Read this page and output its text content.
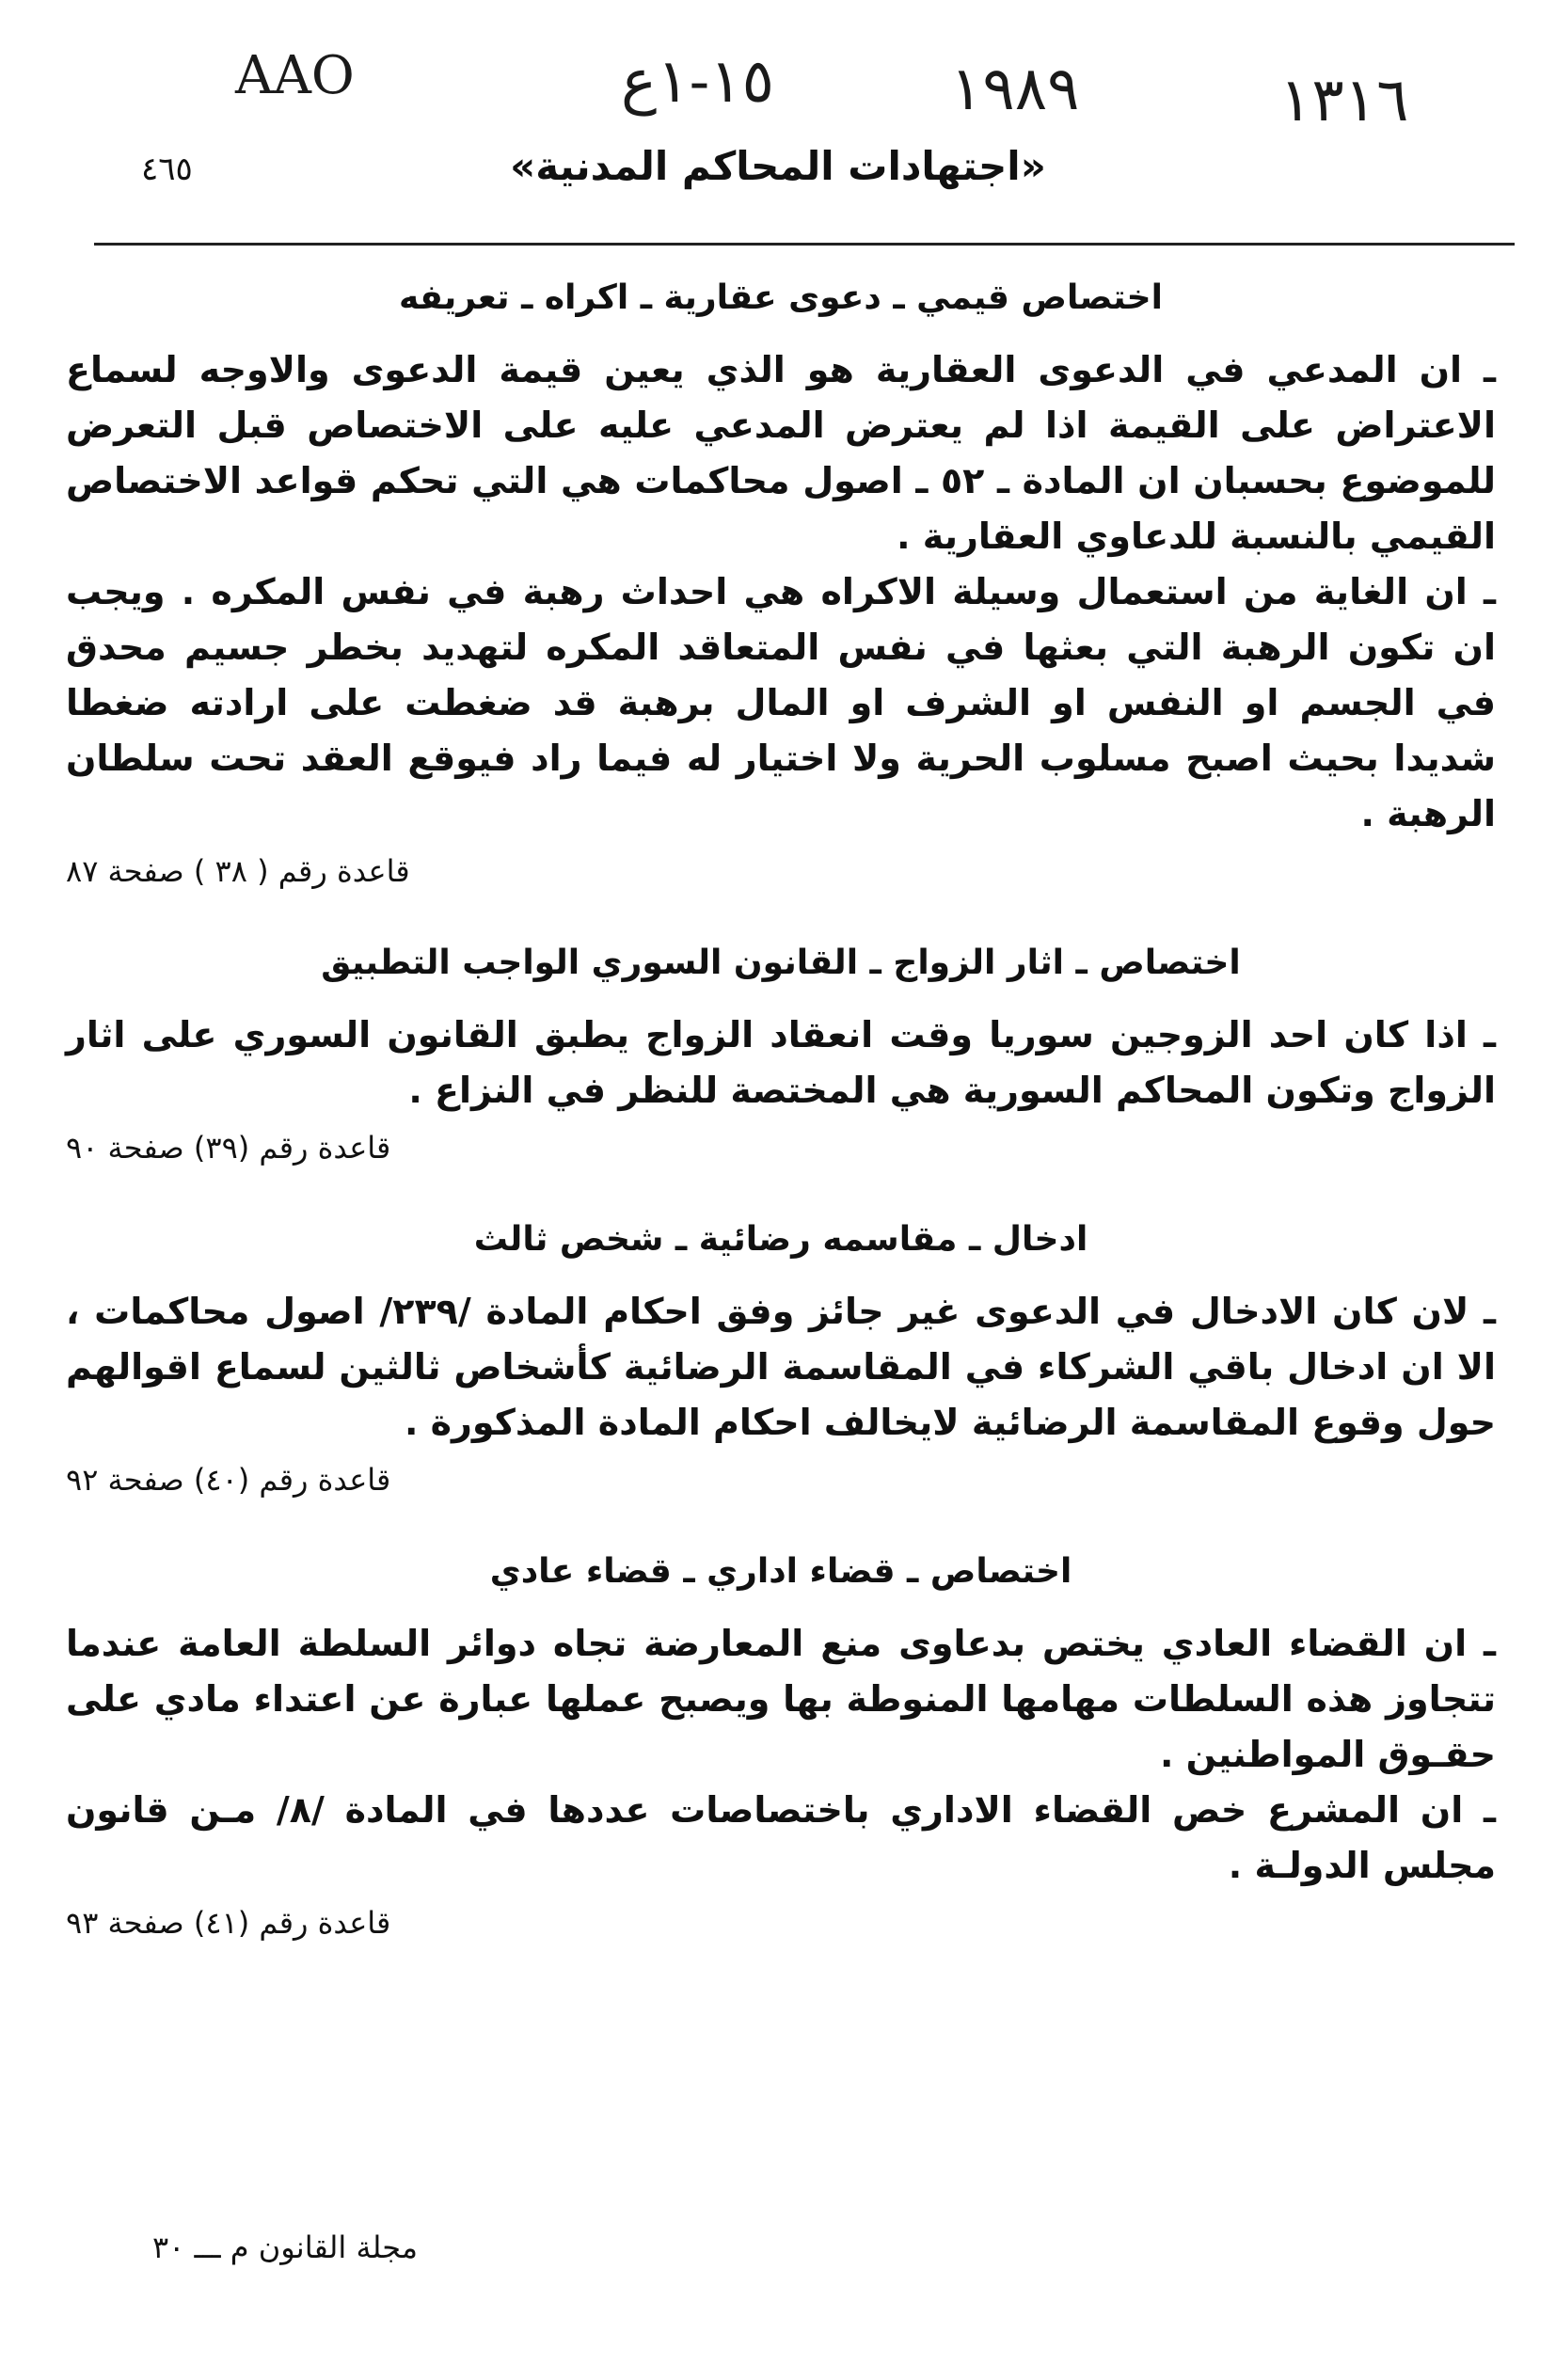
AAO	١٥-١ع	١٩٨٩	١٣١٦
٤٦٥	«اجتهادات المحاكم المدنية»
اختصاص قيمي ـ دعوى عقارية ـ اكراه ـ تعريفه

ـ ان المدعي في الدعوى العقارية هو الذي يعين قيمة الدعوى والاوجه لسماع الاعتراض على القيمة اذا لم يعترض المدعي عليه على الاختصاص قبل التعرض للموضوع بحسبان ان المادة ـ ٥٢ ـ اصول محاكمات هي التي تحكم قواعد الاختصاص القيمي بالنسبة للدعاوي العقارية .

ـ ان الغاية من استعمال وسيلة الاكراه هي احداث رهبة في نفس المكره . ويجب ان تكون الرهبة التي بعثها في نفس المتعاقد المكره لتهديد بخطر جسيم محدق في الجسم او النفس او الشرف او المال برهبة قد ضغطت على ارادته ضغطا شديدا بحيث اصبح مسلوب الحرية ولا اختيار له فيما راد فيوقع العقد تحت سلطان الرهبة .

قاعدة رقم ( ٣٨ ) صفحة ٨٧
اختصاص ـ اثار الزواج ـ القانون السوري الواجب التطبيق

ـ اذا كان احد الزوجين سوريا وقت انعقاد الزواج يطبق القانون السوري على اثار الزواج وتكون المحاكم السورية هي المختصة للنظر في النزاع .

قاعدة رقم (٣٩) صفحة ٩٠
ادخال ـ مقاسمه رضائية ـ شخص ثالث

ـ لان كان الادخال في الدعوى غير جائز وفق احكام المادة /٢٣٩/ اصول محاكمات ، الا ان ادخال باقي الشركاء في المقاسمة الرضائية كأشخاص ثالثين لسماع اقوالهم حول وقوع المقاسمة الرضائية لايخالف احكام المادة المذكورة .

قاعدة رقم (٤٠) صفحة ٩٢
اختصاص ـ قضاء اداري ـ قضاء عادي

ـ ان القضاء العادي يختص بدعاوى منع المعارضة تجاه دوائر السلطة العامة عندما تتجاوز هذه السلطات مهامها المنوطة بها ويصبح عملها عبارة عن اعتداء مادي على حقـوق المواطنين .

ـ ان المشرع خص القضاء الاداري باختصاصات عددها في المادة /٨/ مـن قانون مجلس الدولـة .

قاعدة رقم (٤١) صفحة ٩٣
مجلة القانون م ـــ ٣٠
